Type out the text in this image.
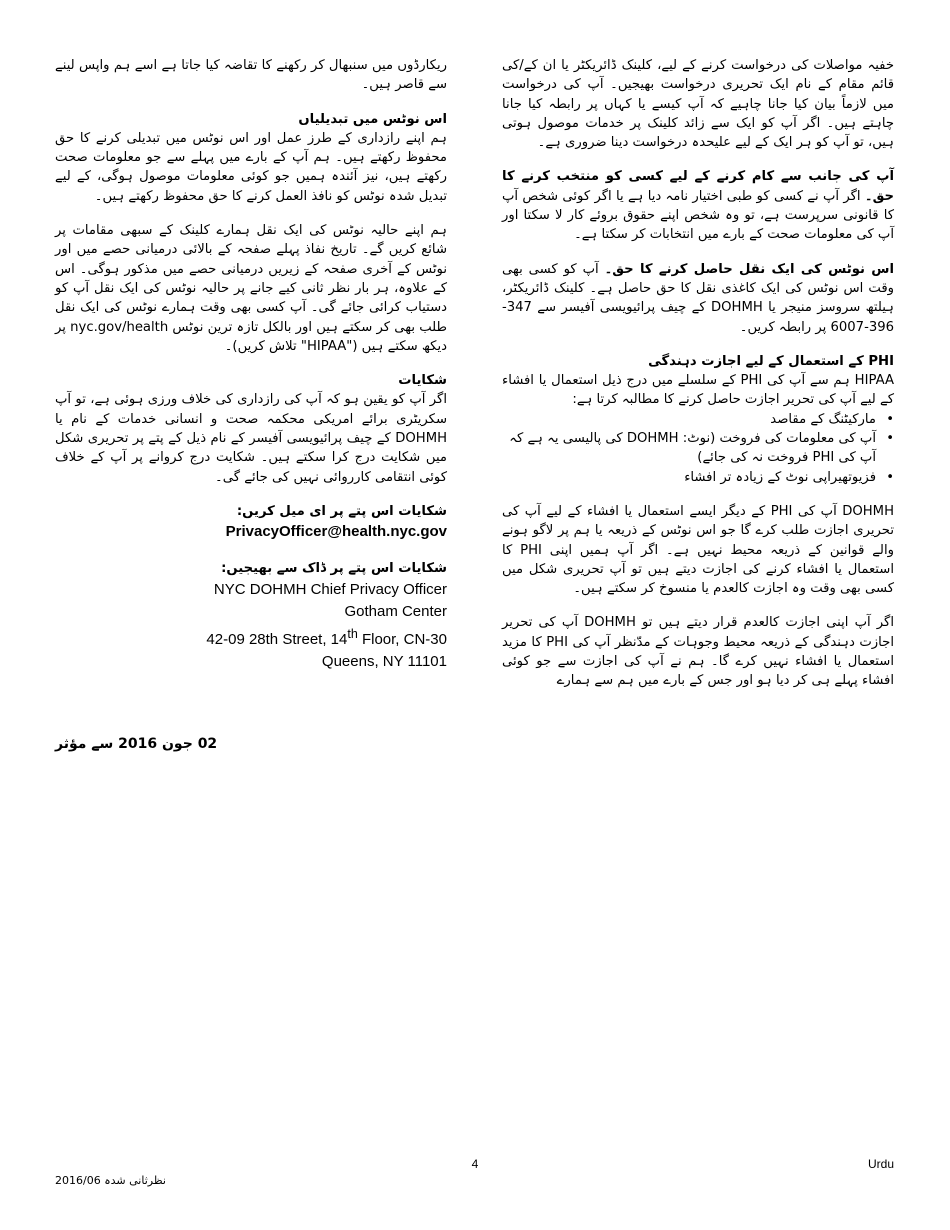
خفیہ مواصلات کی درخواست کرنے کے لیے، کلینک ڈائریکٹر یا ان کے/کی قائم مقام کے نام ایک تحریری درخواست بھیجیں۔ آپ کی درخواست میں لازماً بیان کیا جانا چاہیے کہ آپ کیسے یا کہاں پر رابطہ کیا جانا چاہتے ہیں۔ اگر آپ کو ایک سے زائد کلینک پر خدمات موصول ہوتی ہیں، تو آپ کو ہر ایک کے لیے علیحدہ درخواست دینا ضروری ہے۔

آپ کی جانب سے کام کرنے کے لیے کسی کو منتخب کرنے کا حق۔ اگر آپ نے کسی کو طبی اختیار نامہ دیا ہے یا اگر کوئی شخص آپ کا قانونی سرپرست ہے، تو وہ شخص اپنے حقوق بروئے کار لا سکتا اور آپ کی معلومات صحت کے بارے میں انتخابات کر سکتا ہے۔

اس نوٹس کی ایک نقل حاصل کرنے کا حق۔ آپ کو کسی بھی وقت اس نوٹس کی ایک کاغذی نقل کا حق حاصل ہے۔ کلینک ڈائریکٹر، ہیلتھ سروسز منیجر یا DOHMH کے چیف پرائیویسی آفیسر سے 347-396-6007 پر رابطہ کریں۔

PHI کے استعمال کے لیے اجازت دہندگی

HIPAA ہم سے آپ کی PHI کے سلسلے میں درج ذیل استعمال یا افشاء کے لیے آپ کی تحریر اجازت حاصل کرنے کا مطالبہ کرتا ہے:

• مارکیٹنگ کے مقاصد
• آپ کی معلومات کی فروخت (نوٹ: DOHMH کی پالیسی یہ ہے کہ آپ کی PHI فروخت نہ کی جائے)
• فزیوتھیراپی نوٹ کے زیادہ تر افشاء

DOHMH آپ کی PHI کے دیگر ایسے استعمال یا افشاء کے لیے آپ کی تحریری اجازت طلب کرے گا جو اس نوٹس کے ذریعہ یا ہم پر لاگو ہونے والے قوانین کے ذریعہ محیط نہیں ہے۔ اگر آپ ہمیں اپنی PHI کا استعمال یا افشاء کرنے کی اجازت دیتے ہیں تو آپ تحریری شکل میں کسی بھی وقت وہ اجازت کالعدم یا منسوخ کر سکتے ہیں۔

اگر آپ اپنی اجازت کالعدم قرار دیتے ہیں تو DOHMH آپ کی تحریر اجازت دہندگی کے ذریعہ محیط وجوہات کے مدّنظر آپ کی PHI کا مزید استعمال یا افشاء نہیں کرے گا۔ ہم نے آپ کی اجازت سے جو کوئی افشاء پہلے ہی کر دیا ہو اور جس کے بارے میں ہم سے ہمارے

ریکارڈوں میں سنبھال کر رکھنے کا تقاضہ کیا جاتا ہے اسے ہم واپس لینے سے قاصر ہیں۔

اس نوٹس میں تبدیلیاں

ہم اپنے رازداری کے طرز عمل اور اس نوٹس میں تبدیلی کرنے کا حق محفوظ رکھتے ہیں۔ ہم آپ کے بارے میں پہلے سے جو معلومات صحت رکھتے ہیں، نیز آئندہ ہمیں جو کوئی معلومات موصول ہوگی، کے لیے تبدیل شدہ نوٹس کو نافذ العمل کرنے کا حق محفوظ رکھتے ہیں۔

ہم اپنے حالیہ نوٹس کی ایک نقل ہمارے کلینک کے سبھی مقامات پر شائع کریں گے۔ تاریخ نفاذ پہلے صفحہ کے بالائی درمیانی حصے میں اور نوٹس کے آخری صفحہ کے زیریں درمیانی حصے میں مذکور ہوگی۔ اس کے علاوہ، ہر بار نظر ثانی کیے جانے پر حالیہ نوٹس کی ایک نقل آپ کو دستیاب کرائی جائے گی۔ آپ کسی بھی وقت ہمارے نوٹس کی ایک نقل طلب بھی کر سکتے ہیں اور بالکل تازہ ترین نوٹس nyc.gov/health پر دیکھ سکتے ہیں ("HIPAA" تلاش کریں)۔

شکایات

اگر آپ کو یقین ہو کہ آپ کی رازداری کی خلاف ورزی ہوئی ہے، تو آپ سکریٹری برائے امریکی محکمہ صحت و انسانی خدمات کے نام یا DOHMH کے چیف پرائیویسی آفیسر کے نام ذیل کے پتے پر تحریری شکل میں شکایت درج کرا سکتے ہیں۔ شکایت درج کروانے پر آپ کے خلاف کوئی انتقامی کارروائی نہیں کی جائے گی۔

شکایات اس پتے پر ای میل کریں:
PrivacyOfficer@health.nyc.gov
شکایات اس پتے پر ڈاک سے بھیجیں:
NYC DOHMH Chief Privacy Officer
Gotham Center
42-09 28th Street, 14th Floor, CN-30
Queens, NY 11101
02 جون 2016 سے مؤثر
4	Urdu
نظرثانی شدہ 2016/06
